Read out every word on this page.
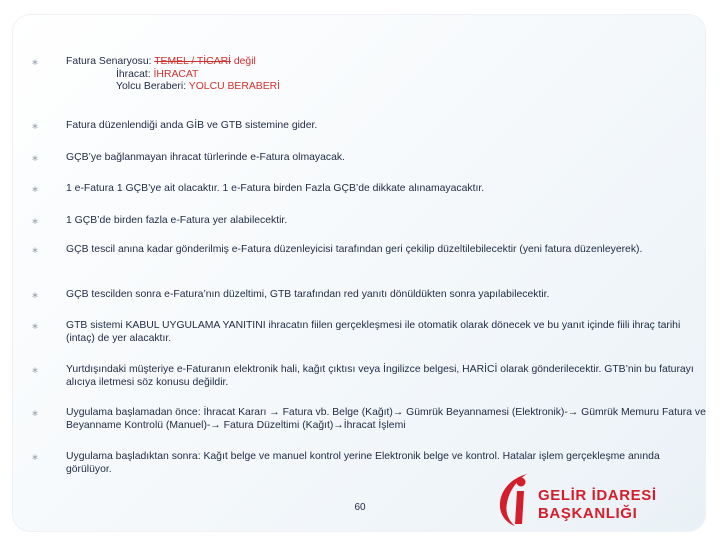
∗	Fatura Senaryosu: TEMEL / TİCARİ değil
İhracat: İHRACAT
Yolcu Beraberi: YOLCU BERABERİ
∗	Fatura düzenlendiği anda GİB ve GTB sistemine gider.
∗	GÇB’ye bağlanmayan ihracat türlerinde e-Fatura olmayacak.
∗	1 e-Fatura 1 GÇB’ye ait olacaktır. 1 e-Fatura birden Fazla GÇB’de dikkate alınamayacaktır.
∗	1 GÇB’de birden fazla e-Fatura yer alabilecektir.
∗	GÇB tescil anına kadar gönderilmiş e-Fatura düzenleyicisi tarafından geri çekilip düzeltilebilecektir (yeni fatura düzenleyerek).
∗	GÇB tescilden sonra e-Fatura’nın düzeltimi, GTB tarafından red yanıtı dönüldükten sonra yapılabilecektir.
∗	GTB sistemi KABUL UYGULAMA YANITINI ihracatın fiilen gerçekleşmesi ile otomatik olarak dönecek ve bu yanıt içinde fiili ihraç tarihi (intaç) de yer alacaktır.
∗	Yurtdışındaki müşteriye e-Faturanın elektronik hali, kağıt çıktısı veya İngilizce belgesi, HARİCİ olarak gönderilecektir. GTB’nin bu faturayı alıcıya iletmesi söz konusu değildir.
∗	Uygulama başlamadan önce: İhracat Kararı → Fatura vb. Belge (Kağıt)→ Gümrük Beyannamesi (Elektronik)-→ Gümrük Memuru Fatura ve Beyanname Kontrolü (Manuel)-→ Fatura Düzeltimi (Kağıt)→İhracat İşlemi
∗	Uygulama başladıktan sonra: Kağıt belge ve manuel kontrol yerine Elektronik belge ve kontrol. Hatalar işlem gerçekleşme anında görülüyor.
60
GELİR İDARESİ
BAŞKANLIĞI
